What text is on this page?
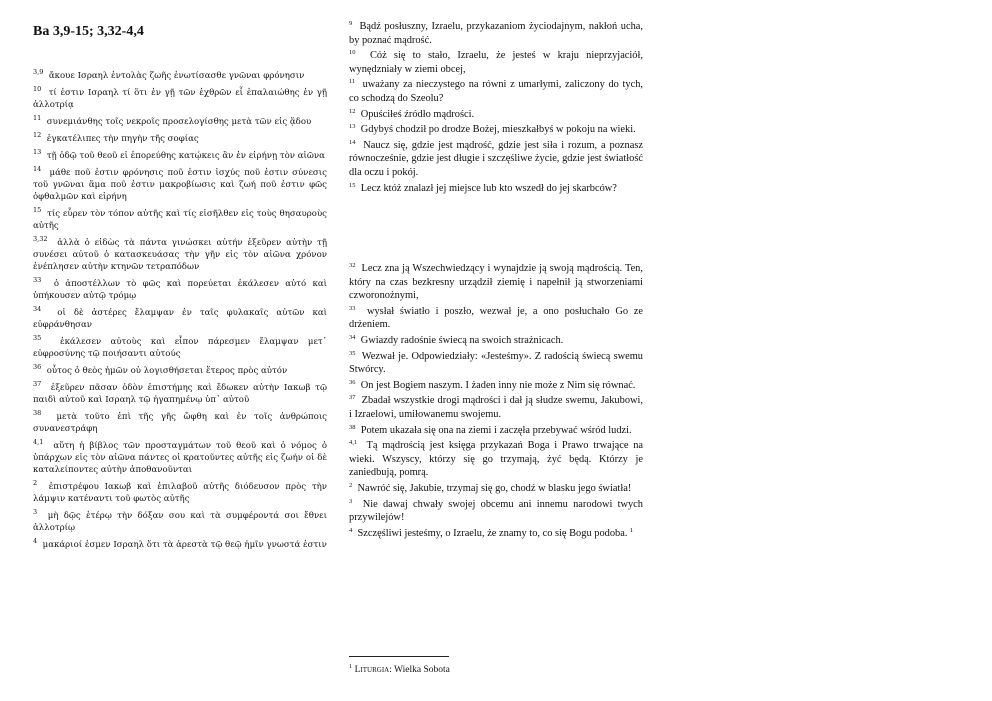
Ba 3,9-15; 3,32-4,4
$^{3,9}$ ἄκουε Ισραηλ ἐντολὰς ζωῆς ἐνωτίσασθε γνῶναι φρόνησιν
$^{10}$ τί ἐστιν Ισραηλ τί ὅτι ἐν γῇ τῶν ἐχθρῶν εἶ ἐπαλαιώθης ἐν γῇ ἀλλοτρίᾳ
$^{11}$ συνεμιάνθης τοῖς νεκροῖς προσελογίσθης μετὰ τῶν εἰς ᾅδου
$^{12}$ ἐγκατέλιπες τὴν πηγὴν τῆς σοφίας
$^{13}$ τῇ ὁδῷ τοῦ θεοῦ εἰ ἐπορεύθης κατῴκεις ἂν ἐν εἰρήνῃ τὸν αἰῶνα
$^{14}$ μάθε ποῦ ἐστιν φρόνησις ποῦ ἐστιν ἰσχύς ποῦ ἐστιν σύνεσις τοῦ γνῶναι ἅμα ποῦ ἐστιν μακροβίωσις καὶ ζωή ποῦ ἐστιν φῶς ὀφθαλμῶν καὶ εἰρήνη
$^{15}$ τίς εὗρεν τὸν τόπον αὐτῆς καὶ τίς εἰσῆλθεν εἰς τοὺς θησαυροὺς αὐτῆς
$^{3,32}$ ἀλλὰ ὁ εἰδὼς τὰ πάντα γινώσκει αὐτήν ἐξεῦρεν αὐτὴν τῇ συνέσει αὐτοῦ ὁ κατασκευάσας τὴν γῆν εἰς τὸν αἰῶνα χρόνον ἐνέπλησεν αὐτὴν κτηνῶν τετραπόδων
$^{33}$ ὁ ἀποστέλλων τὸ φῶς καὶ πορεύεται ἐκάλεσεν αὐτό καὶ ὑπήκουσεν αὐτῷ τρόμῳ
$^{34}$ οἱ δὲ ἀστέρες ἔλαμψαν ἐν ταῖς φυλακαῖς αὐτῶν καὶ εὐφράνθησαν
$^{35}$ ἐκάλεσεν αὐτοὺς καὶ εἶπον πάρεσμεν ἔλαμψαν μετ᾽ εὐφροσύνης τῷ ποιήσαντι αὐτούς
$^{36}$ οὗτος ὁ θεὸς ἡμῶν οὐ λογισθήσεται ἕτερος πρὸς αὐτόν
$^{37}$ ἐξεῦρεν πᾶσαν ὁδὸν ἐπιστήμης καὶ ἔδωκεν αὐτὴν Ιακωβ τῷ παιδὶ αὐτοῦ καὶ Ισραηλ τῷ ἠγαπημένῳ ὑπ᾽ αὐτοῦ
$^{38}$ μετὰ τοῦτο ἐπὶ τῆς γῆς ὤφθη καὶ ἐν τοῖς ἀνθρώποις συνανεστράφη
$^{4,1}$ αὕτη ἡ βίβλος τῶν προσταγμάτων τοῦ θεοῦ καὶ ὁ νόμος ὁ ὑπάρχων εἰς τὸν αἰῶνα πάντες οἱ κρατοῦντες αὐτῆς εἰς ζωήν οἱ δὲ καταλείποντες αὐτὴν ἀποθανοῦνται
$^2$ ἐπιστρέφου Ιακωβ καὶ ἐπιλαβοῦ αὐτῆς διόδευσον πρὸς τὴν λάμψιν κατέναντι τοῦ φωτὸς αὐτῆς
$^3$ μὴ δῷς ἑτέρῳ τὴν δόξαν σου καὶ τὰ συμφέροντά σοι ἔθνει ἀλλοτρίῳ
$^4$ μακάριοί ἐσμεν Ισραηλ ὅτι τὰ ἀρεστὰ τῷ θεῷ ἡμῖν γνωστά ἐστιν
$^9$ Bądź posłuszny, Izraelu, przykazaniom życiodajnym, nakłoń ucha, by poznać mądrość.
$^{10}$ Cóż się to stało, Izraelu, że jesteś w kraju nieprzyjaciół, wynędzniały w ziemi obcej,
$^{11}$ uważany za nieczystego na równi z umarłymi, zaliczony do tych, co schodzą do Szeolu?
$^{12}$ Opuściłeś źródło mądrości.
$^{13}$ Gdybyś chodził po drodze Bożej, mieszkałbyś w pokoju na wieki.
$^{14}$ Naucz się, gdzie jest mądrość, gdzie jest siła i rozum, a poznasz równocześnie, gdzie jest długie i szczęśliwe życie, gdzie jest światłość dla oczu i pokój.
$^{15}$ Lecz któż znalazł jej miejsce lub kto wszedł do jej skarbców?
$^{32}$ Lecz zna ją Wszechwiedzący i wynajdzie ją swoją mądrością. Ten, który na czas bezkresny urządził ziemię i napełnił ją stworzeniami czworonożnymi,
$^{33}$ wysłał światło i poszło, wezwał je, a ono posłuchało Go ze drżeniem.
$^{34}$ Gwiazdy radośnie świecą na swoich strażnicach.
$^{35}$ Wezwał je. Odpowiedziały: «Jesteśmy». Z radością świecą swemu Stwórcy.
$^{36}$ On jest Bogiem naszym. I żaden inny nie może z Nim się równać.
$^{37}$ Zbadał wszystkie drogi mądrości i dał ją słudze swemu, Jakubowi, i Izraelowi, umiłowanemu swojemu.
$^{38}$ Potem ukazała się ona na ziemi i zaczęła przebywać wśród ludzi.
$^{4,1}$ Tą mądrością jest księga przykazań Boga i Prawo trwające na wieki. Wszyscy, którzy się go trzymają, żyć będą. Którzy je zaniedbują, pomrą.
$^2$ Nawróć się, Jakubie, trzymaj się go, chodź w blasku jego światła!
$^3$ Nie dawaj chwały swojej obcemu ani innemu narodowi twych przywilejów!
$^4$ Szczęśliwi jesteśmy, o Izraelu, że znamy to, co się Bogu podoba. $^1$
$^1$ Liturgia: Wielka Sobota
